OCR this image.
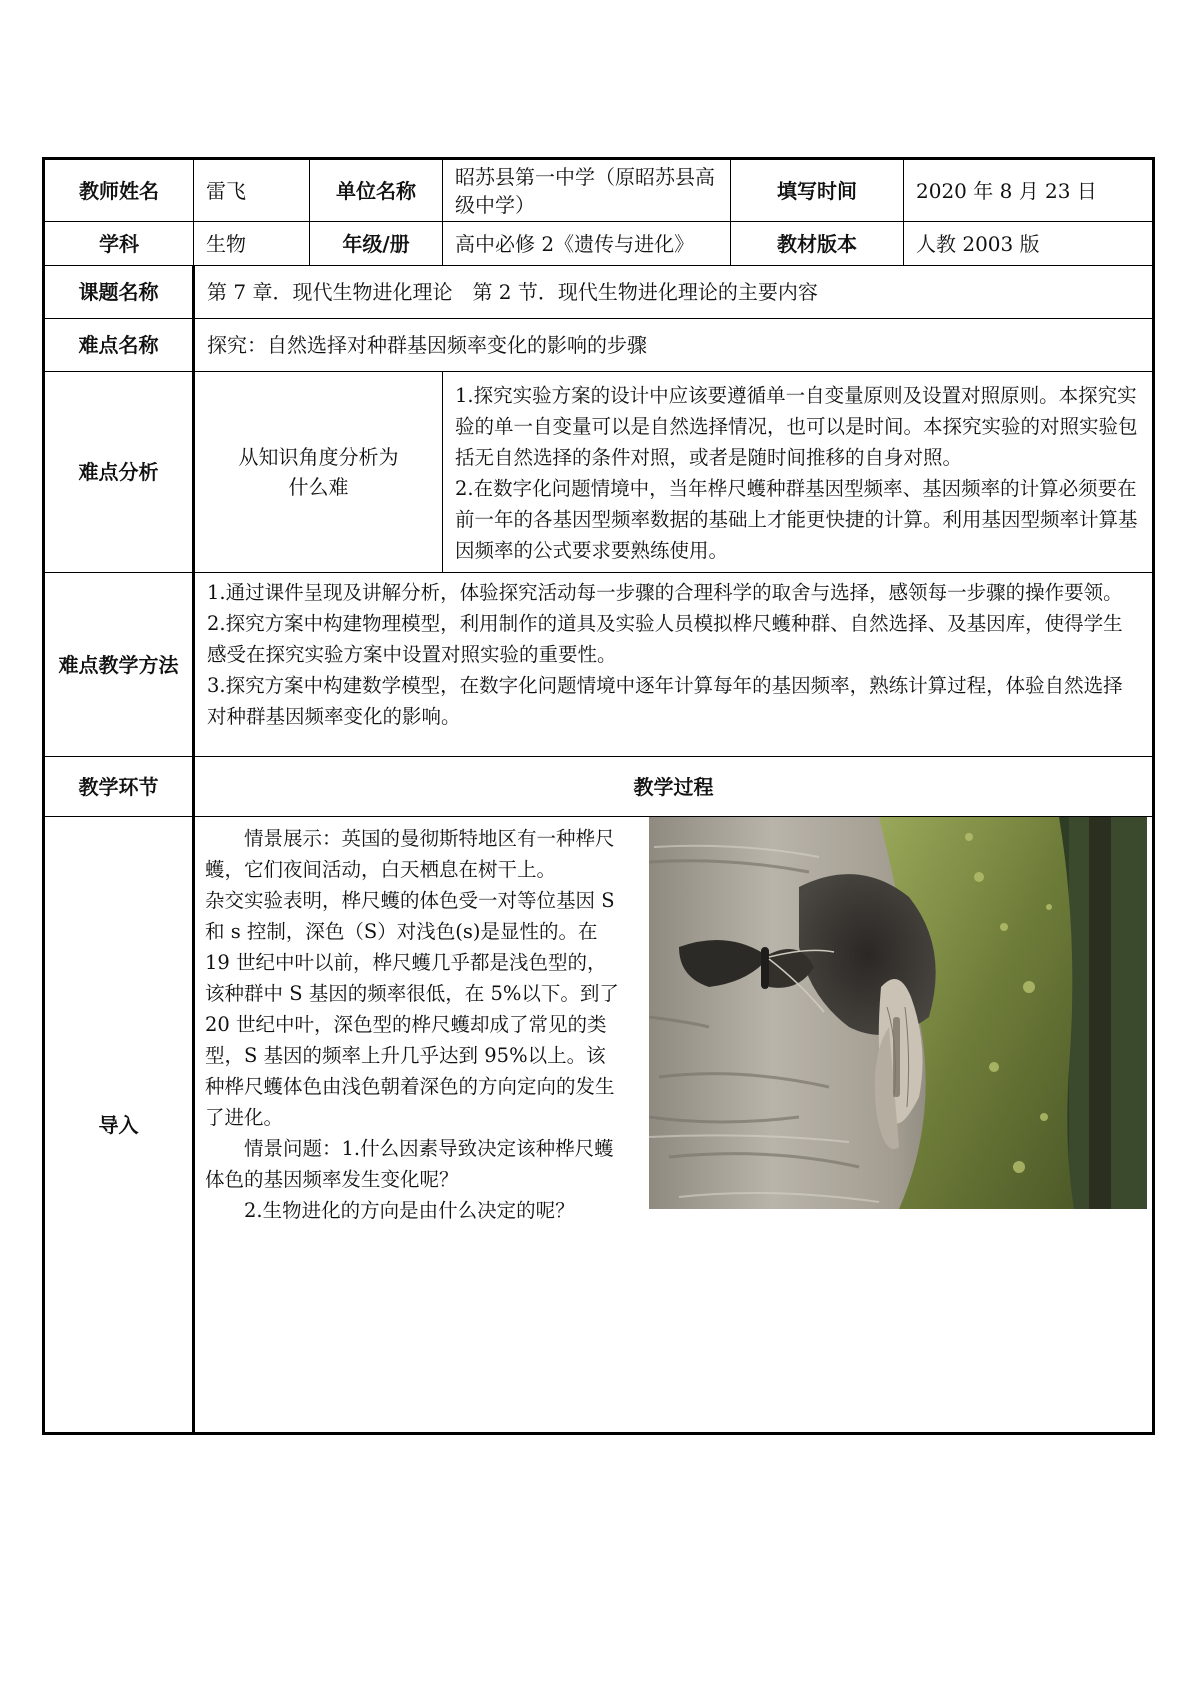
教师姓名	雷飞	单位名称	昭苏县第一中学（原昭苏县高级中学）	填写时间	2020 年 8 月 23 日
学科	生物	年级/册	高中必修 2《遗传与进化》	教材版本	人教 2003 版
课题名称	第 7 章．现代生物进化理论　第 2 节．现代生物进化理论的主要内容				
难点名称	探究：自然选择对种群基因频率变化的影响的步骤				
难点分析	从知识角度分析为什么难		1.探究实验方案的设计中应该要遵循单一自变量原则及设置对照原则。本探究实验的单一自变量可以是自然选择情况，也可以是时间。本探究实验的对照实验包括无自然选择的条件对照，或者是随时间推移的自身对照。

2.在数字化问题情境中，当年桦尺蠖种群基因型频率、基因频率的计算必须要在前一年的各基因型频率数据的基础上才能更快捷的计算。利用基因型频率计算基因频率的公式要求要熟练使用。		

难点教学方法	1.通过课件呈现及讲解分析，体验探究活动每一步骤的合理科学的取舍与选择，感领每一步骤的操作要领。

2.探究方案中构建物理模型，利用制作的道具及实验人员模拟桦尺蠖种群、自然选择、及基因库，使得学生感受在探究实验方案中设置对照实验的重要性。

3.探究方案中构建数学模型，在数字化问题情境中逐年计算每年的基因频率，熟练计算过程，体验自然选择对种群基因频率变化的影响。				

教学环节	教学过程				
导入	情景展示：英国的曼彻斯特地区有一种桦尺蠖，它们夜间活动，白天栖息在树干上。

杂交实验表明，桦尺蠖的体色受一对等位基因 S 和 s 控制，深色（S）对浅色(s)是显性的。在 19 世纪中叶以前，桦尺蠖几乎都是浅色型的，该种群中 S 基因的频率很低，在 5%以下。到了 20 世纪中叶，深色型的桦尺蠖却成了常见的类型，S 基因的频率上升几乎达到 95%以上。该种桦尺蠖体色由浅色朝着深色的方向定向的发生了进化。

情景问题：1.什么因素导致决定该种桦尺蠖体色的基因频率发生变化呢？

2.生物进化的方向是由什么决定的呢？				
